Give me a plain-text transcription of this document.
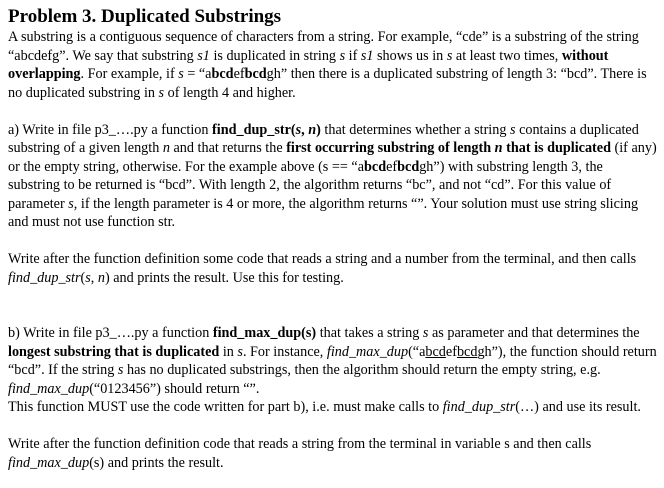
Problem 3. Duplicated Substrings

A substring is a contiguous sequence of characters from a string. For example, “cde” is a substring of the string “abcdefg”. We say that substring s1 is duplicated in string s if s1 shows us in s at least two times, without overlapping. For example, if s = “abcdefbcdgh” then there is a duplicated substring of length 3: “bcd”. There is no duplicated substring in s of length 4 and higher.

a) Write in file p3_….py a function find_dup_str(s, n) that determines whether a string s contains a duplicated substring of a given length n and that returns the first occurring substring of length n that is duplicated (if any) or the empty string, otherwise. For the example above (s == “abcdefbcdgh”) with substring length 3, the substring to be returned is “bcd”. With length 2, the algorithm returns “bc”, and not “cd”. For this value of parameter s, if the length parameter is 4 or more, the algorithm returns “”. Your solution must use string slicing and must not use function str.

Write after the function definition some code that reads a string and a number from the terminal, and then calls find_dup_str(s, n) and prints the result. Use this for testing.

b) Write in file p3_….py a function find_max_dup(s) that takes a string s as parameter and that determines the longest substring that is duplicated in s. For instance, find_max_dup(“abcdefbcdgh”), the function should return “bcd”. If the string s has no duplicated substrings, then the algorithm should return the empty string, e.g. find_max_dup(“0123456”) should return “”.

This function MUST use the code written for part b), i.e. must make calls to find_dup_str(…) and use its result.

Write after the function definition code that reads a string from the terminal in variable s and then calls find_max_dup(s) and prints the result.
